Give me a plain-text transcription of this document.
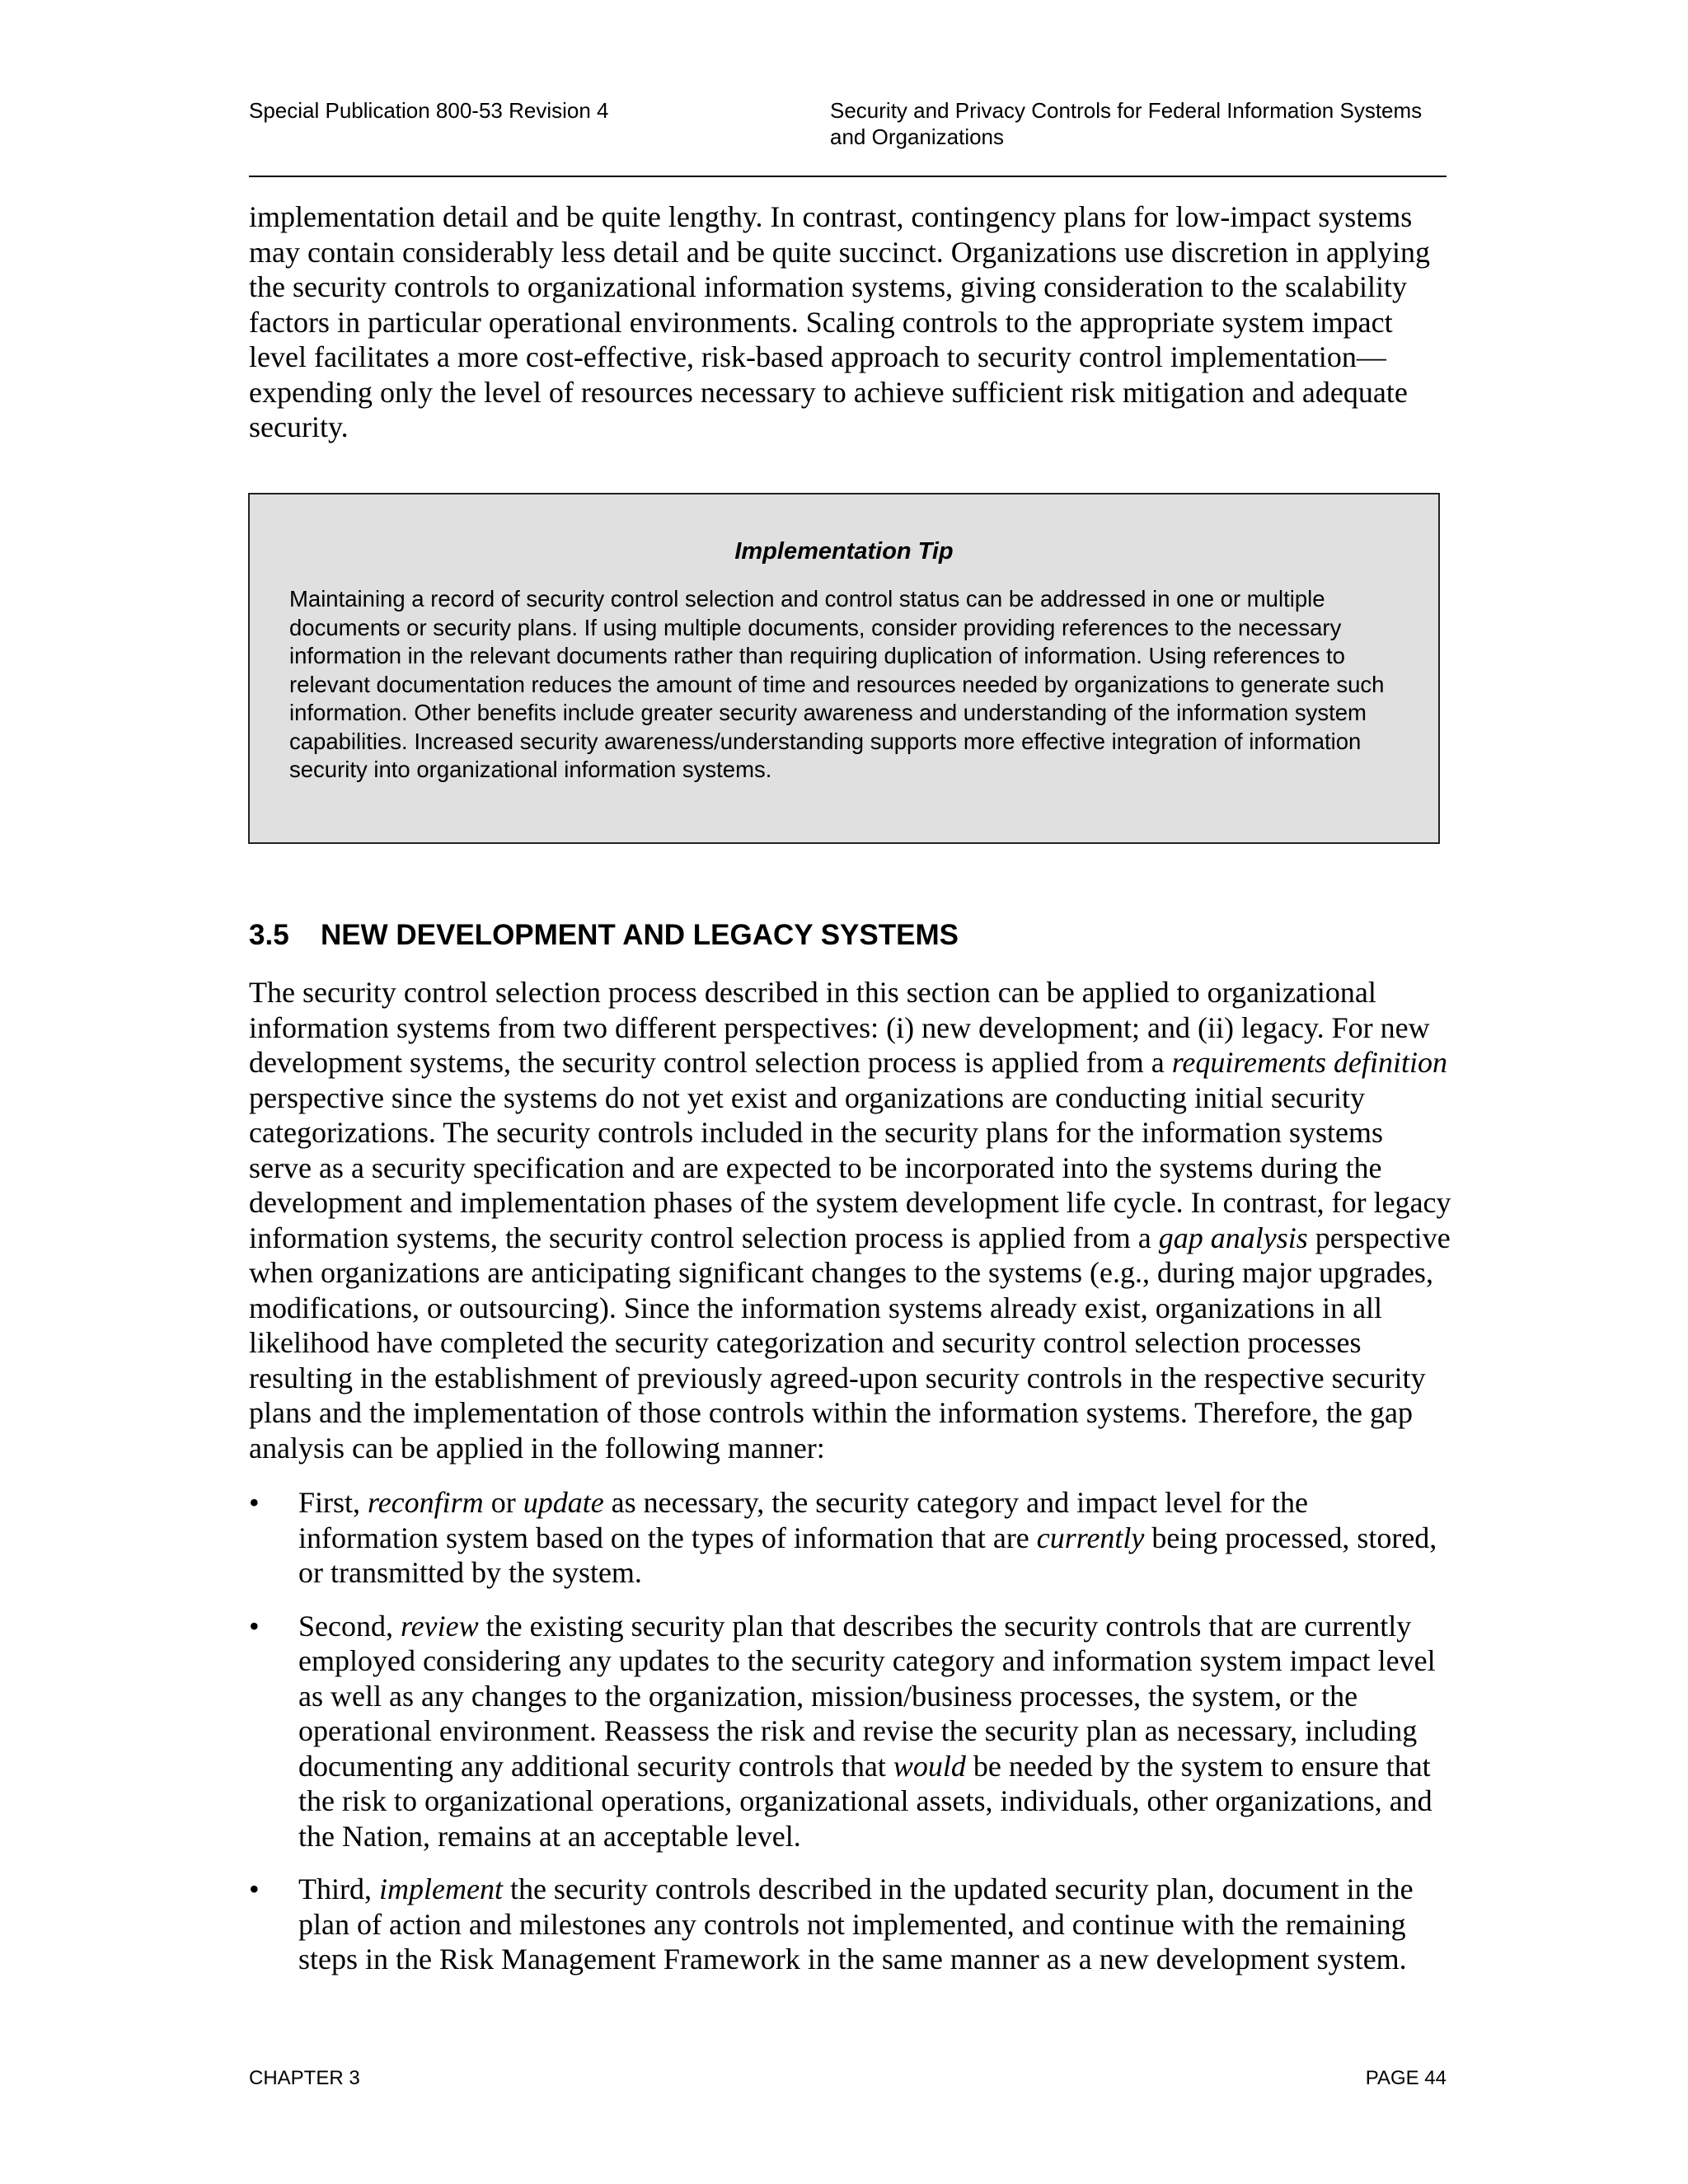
Special Publication 800-53 Revision 4	Security and Privacy Controls for Federal Information Systems
and Organizations

implementation detail and be quite lengthy. In contrast, contingency plans for low-impact systems may contain considerably less detail and be quite succinct. Organizations use discretion in applying the security controls to organizational information systems, giving consideration to the scalability factors in particular operational environments. Scaling controls to the appropriate system impact level facilitates a more cost-effective, risk-based approach to security control implementation—expending only the level of resources necessary to achieve sufficient risk mitigation and adequate security.

Implementation Tip

Maintaining a record of security control selection and control status can be addressed in one or multiple documents or security plans. If using multiple documents, consider providing references to the necessary information in the relevant documents rather than requiring duplication of information. Using references to relevant documentation reduces the amount of time and resources needed by organizations to generate such information. Other benefits include greater security awareness and understanding of the information system capabilities. Increased security awareness/understanding supports more effective integration of information security into organizational information systems.

3.5 NEW DEVELOPMENT AND LEGACY SYSTEMS

The security control selection process described in this section can be applied to organizational information systems from two different perspectives: (i) new development; and (ii) legacy. For new development systems, the security control selection process is applied from a requirements definition perspective since the systems do not yet exist and organizations are conducting initial security categorizations. The security controls included in the security plans for the information systems serve as a security specification and are expected to be incorporated into the systems during the development and implementation phases of the system development life cycle. In contrast, for legacy information systems, the security control selection process is applied from a gap analysis perspective when organizations are anticipating significant changes to the systems (e.g., during major upgrades, modifications, or outsourcing). Since the information systems already exist, organizations in all likelihood have completed the security categorization and security control selection processes resulting in the establishment of previously agreed-upon security controls in the respective security plans and the implementation of those controls within the information systems. Therefore, the gap analysis can be applied in the following manner:

• First, reconfirm or update as necessary, the security category and impact level for the information system based on the types of information that are currently being processed, stored, or transmitted by the system.
• Second, review the existing security plan that describes the security controls that are currently employed considering any updates to the security category and information system impact level as well as any changes to the organization, mission/business processes, the system, or the operational environment. Reassess the risk and revise the security plan as necessary, including documenting any additional security controls that would be needed by the system to ensure that the risk to organizational operations, organizational assets, individuals, other organizations, and the Nation, remains at an acceptable level.
• Third, implement the security controls described in the updated security plan, document in the plan of action and milestones any controls not implemented, and continue with the remaining steps in the Risk Management Framework in the same manner as a new development system.
CHAPTER 3	PAGE 44
